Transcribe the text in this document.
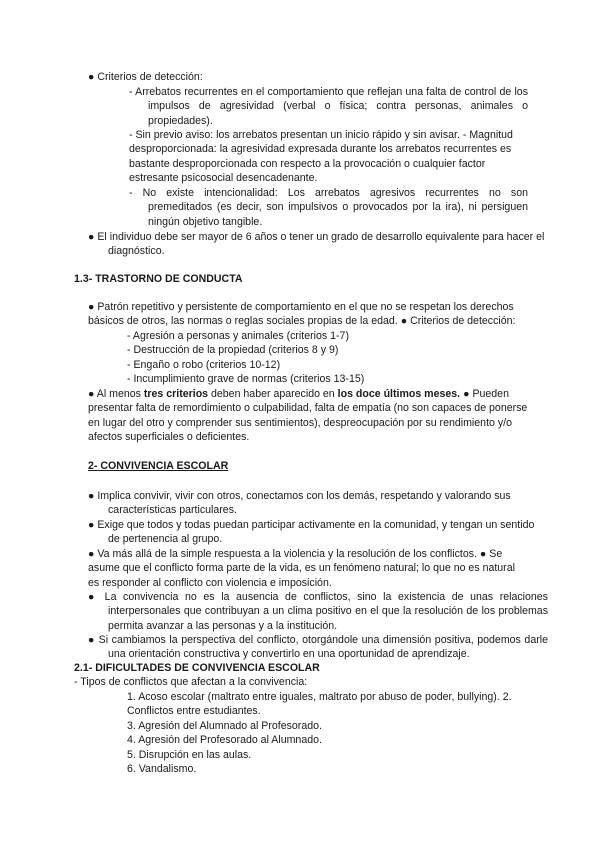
● Criterios de detección:
- Arrebatos recurrentes en el comportamiento que reflejan una falta de control de los impulsos de agresividad (verbal o física; contra personas, animales o propiedades).
- Sin previo aviso: los arrebatos presentan un inicio rápido y sin avisar. - Magnitud desproporcionada: la agresividad expresada durante los arrebatos recurrentes es bastante desproporcionada con respecto a la provocación o cualquier factor estresante psicosocial desencadenante.
- No existe intencionalidad: Los arrebatos agresivos recurrentes no son premeditados (es decir, son impulsivos o provocados por la ira), ni persiguen ningún objetivo tangible.
● El individuo debe ser mayor de 6 años o tener un grado de desarrollo equivalente para hacer el diagnóstico.
1.3- TRASTORNO DE CONDUCTA
● Patrón repetitivo y persistente de comportamiento en el que no se respetan los derechos básicos de otros, las normas o reglas sociales propias de la edad. ● Criterios de detección:
- Agresión a personas y animales (criterios 1-7)
- Destrucción de la propiedad (criterios 8 y 9)
- Engaño o robo (criterios 10-12)
- Incumplimiento grave de normas (criterios 13-15)
● Al menos tres criterios deben haber aparecido en los doce últimos meses. ● Pueden presentar falta de remordimiento o culpabilidad, falta de empatía (no son capaces de ponerse en lugar del otro y comprender sus sentimientos), despreocupación por su rendimiento y/o afectos superficiales o deficientes.
2- CONVIVENCIA ESCOLAR
● Implica convivir, vivir con otros, conectamos con los demás, respetando y valorando sus características particulares.
● Exige que todos y todas puedan participar activamente en la comunidad, y tengan un sentido de pertenencia al grupo.
● Va más allá de la simple respuesta a la violencia y la resolución de los conflictos. ● Se asume que el conflicto forma parte de la vida, es un fenómeno natural; lo que no es natural es responder al conflicto con violencia e imposición.
● La convivencia no es la ausencia de conflictos, sino la existencia de unas relaciones interpersonales que contribuyan a un clima positivo en el que la resolución de los problemas permita avanzar a las personas y a la institución.
● Si cambiamos la perspectiva del conflicto, otorgándole una dimensión positiva, podemos darle una orientación constructiva y convertirlo en una oportunidad de aprendizaje.
2.1- DIFICULTADES DE CONVIVENCIA ESCOLAR
- Tipos de conflictos que afectan a la convivencia:
1. Acoso escolar (maltrato entre iguales, maltrato por abuso de poder, bullying). 2. Conflictos entre estudiantes.
3. Agresión del Alumnado al Profesorado.
4. Agresión del Profesorado al Alumnado.
5. Disrupción en las aulas.
6. Vandalismo.
